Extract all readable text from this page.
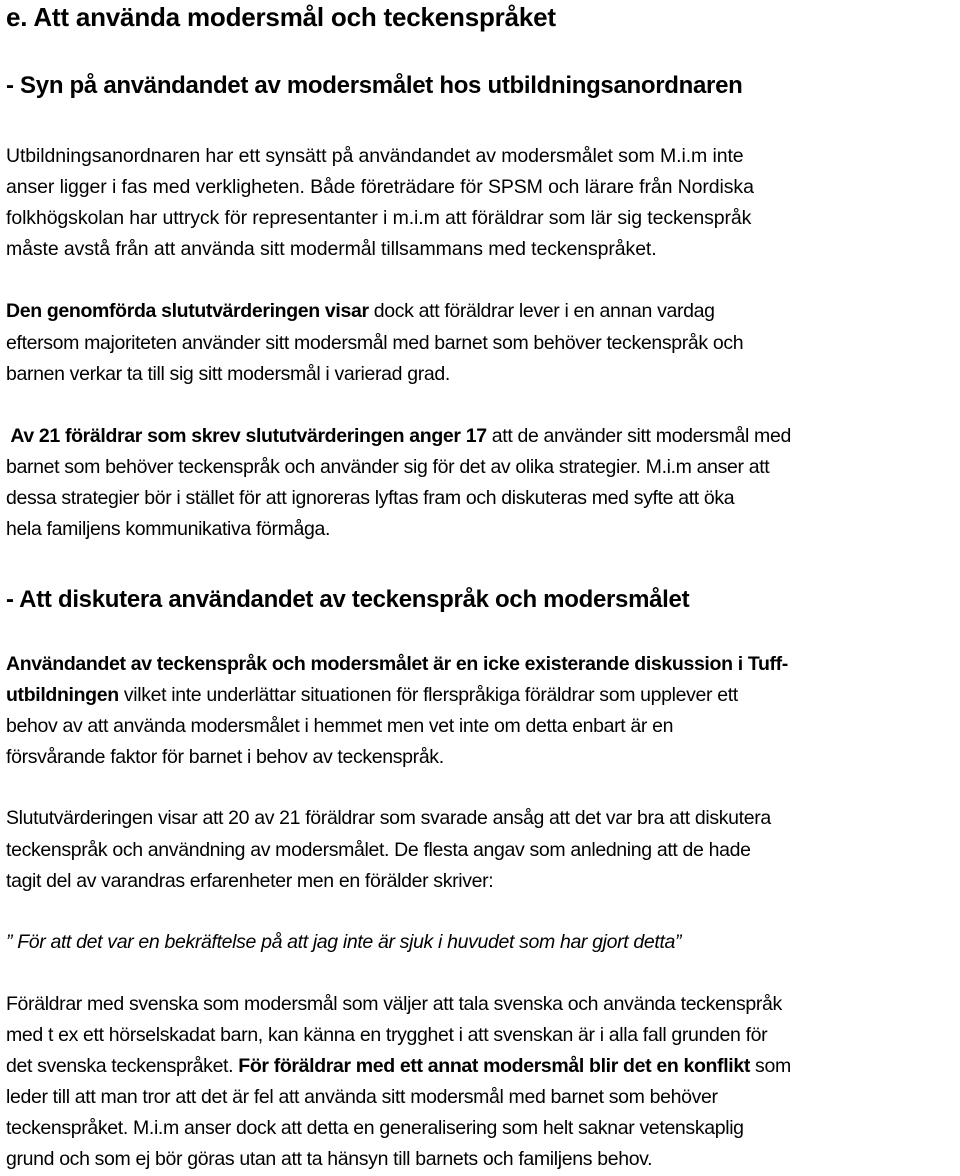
e. Att använda modersmål och teckenspråket
- Syn på användandet av modersmålet hos utbildningsanordnaren
Utbildningsanordnaren har ett synsätt på användandet av modersmålet som M.i.m inte
anser ligger i fas med verkligheten. Både företrädare för SPSM och lärare från Nordiska
folkhögskolan har uttryck för representanter i m.i.m att föräldrar som lär sig teckenspråk
måste avstå från att använda sitt modermål tillsammans med teckenspråket.
Den genomförda slututvärderingen visar dock att föräldrar lever i en annan vardag
eftersom majoriteten använder sitt modersmål med barnet som behöver teckenspråk och
barnen verkar ta till sig sitt modersmål i varierad grad.
Av 21 föräldrar som skrev slututvärderingen anger 17 att de använder sitt modersmål med
barnet som behöver teckenspråk och använder sig för det av olika strategier. M.i.m anser att
dessa strategier bör i stället för att ignoreras lyftas fram och diskuteras med syfte att öka
hela familjens kommunikativa förmåga.
- Att diskutera användandet av teckenspråk och modersmålet
Användandet av teckenspråk och modersmålet är en icke existerande diskussion i Tuff-
utbildningen vilket inte underlättar situationen för flerspråkiga föräldrar som upplever ett
behov av att använda modersmålet i hemmet men vet inte om detta enbart är en
försvårande faktor för barnet i behov av teckenspråk.
Slututvärderingen visar att 20 av 21 föräldrar som svarade ansåg att det var bra att diskutera
teckenspråk och användning av modersmålet. De flesta angav som anledning att de hade
tagit del av varandras erfarenheter men en förälder skriver:
” För att det var en bekräftelse på att jag inte är sjuk i huvudet som har gjort detta”
Föräldrar med svenska som modersmål som väljer att tala svenska och använda teckenspråk
med t ex ett hörselskadat barn, kan känna en trygghet i att svenskan är i alla fall grunden för
det svenska teckenspråket. För föräldrar med ett annat modersmål blir det en konflikt som
leder till att man tror att det är fel att använda sitt modersmål med barnet som behöver
teckenspråket. M.i.m anser dock att detta en generalisering som helt saknar vetenskaplig
grund och som ej bör göras utan att ta hänsyn till barnets och familjens behov.
